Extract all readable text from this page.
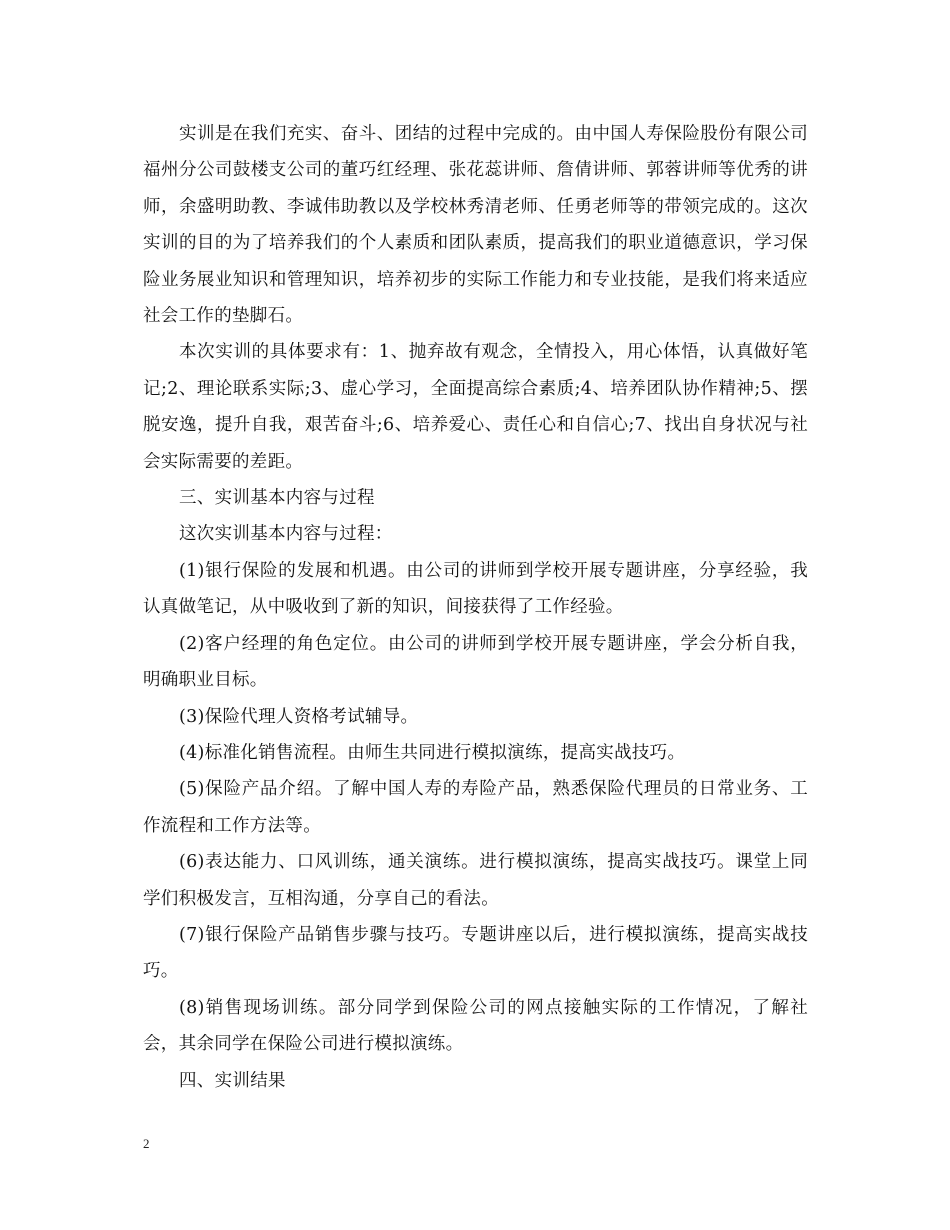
实训是在我们充实、奋斗、团结的过程中完成的。由中国人寿保险股份有限公司福州分公司鼓楼支公司的董巧红经理、张花蕊讲师、詹倩讲师、郭蓉讲师等优秀的讲师，余盛明助教、李诚伟助教以及学校林秀清老师、任勇老师等的带领完成的。这次实训的目的为了培养我们的个人素质和团队素质，提高我们的职业道德意识，学习保险业务展业知识和管理知识，培养初步的实际工作能力和专业技能，是我们将来适应社会工作的垫脚石。

本次实训的具体要求有：1、抛弃故有观念，全情投入，用心体悟，认真做好笔记;2、理论联系实际;3、虚心学习，全面提高综合素质;4、培养团队协作精神;5、摆脱安逸，提升自我，艰苦奋斗;6、培养爱心、责任心和自信心;7、找出自身状况与社会实际需要的差距。

三、实训基本内容与过程

这次实训基本内容与过程：

(1)银行保险的发展和机遇。由公司的讲师到学校开展专题讲座，分享经验，我认真做笔记，从中吸收到了新的知识，间接获得了工作经验。

(2)客户经理的角色定位。由公司的讲师到学校开展专题讲座，学会分析自我，明确职业目标。

(3)保险代理人资格考试辅导。

(4)标准化销售流程。由师生共同进行模拟演练，提高实战技巧。

(5)保险产品介绍。了解中国人寿的寿险产品，熟悉保险代理员的日常业务、工作流程和工作方法等。

(6)表达能力、口风训练，通关演练。进行模拟演练，提高实战技巧。课堂上同学们积极发言，互相沟通，分享自己的看法。

(7)银行保险产品销售步骤与技巧。专题讲座以后，进行模拟演练，提高实战技巧。

(8)销售现场训练。部分同学到保险公司的网点接触实际的工作情况，了解社会，其余同学在保险公司进行模拟演练。

四、实训结果

2
